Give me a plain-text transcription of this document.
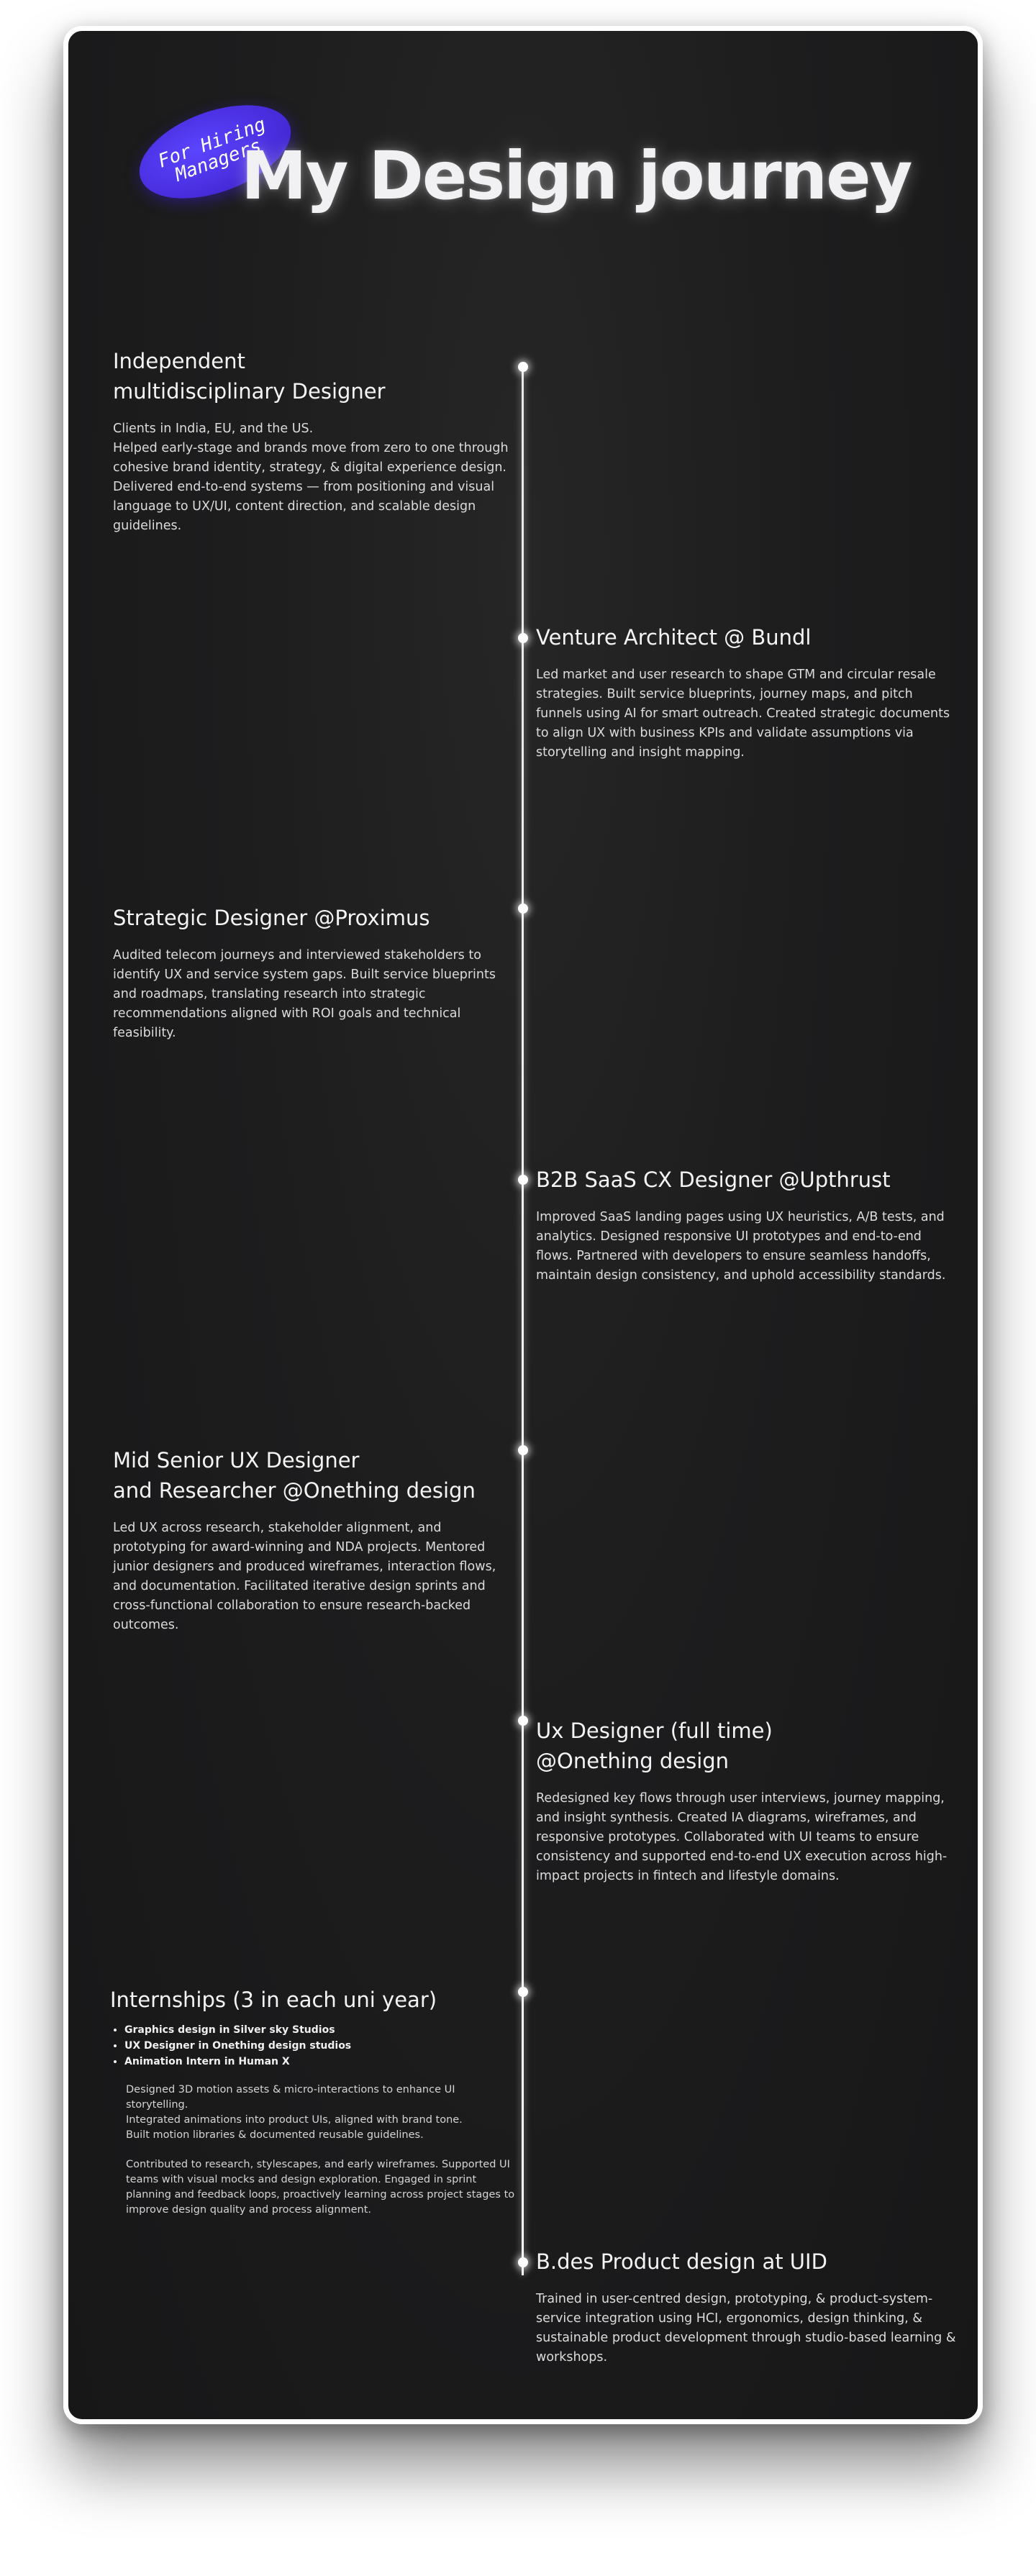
For Hiring Managers
My Design journey
Independent
multidisciplinary Designer

Clients in India, EU, and the US.
Helped early-stage and brands move from zero to one through cohesive brand identity, strategy, & digital experience design. Delivered end-to-end systems — from positioning and visual language to UX/UI, content direction, and scalable design guidelines.

Venture Architect @ Bundl

Led market and user research to shape GTM and circular resale strategies. Built service blueprints, journey maps, and pitch funnels using AI for smart outreach. Created strategic documents to align UX with business KPIs and validate assumptions via storytelling and insight mapping.

Strategic Designer @Proximus

Audited telecom journeys and interviewed stakeholders to identify UX and service system gaps. Built service blueprints and roadmaps, translating research into strategic recommendations aligned with ROI goals and technical feasibility.

B2B SaaS CX Designer @Upthrust

Improved SaaS landing pages using UX heuristics, A/B tests, and analytics. Designed responsive UI prototypes and end-to-end flows. Partnered with developers to ensure seamless handoffs, maintain design consistency, and uphold accessibility standards.

Mid Senior UX Designer
and Researcher @Onething design

Led UX across research, stakeholder alignment, and prototyping for award-winning and NDA projects. Mentored junior designers and produced wireframes, interaction flows, and documentation. Facilitated iterative design sprints and cross-functional collaboration to ensure research-backed outcomes.

Ux Designer (full time)
@Onething design

Redesigned key flows through user interviews, journey mapping, and insight synthesis. Created IA diagrams, wireframes, and responsive prototypes. Collaborated with UI teams to ensure consistency and supported end-to-end UX execution across high-impact projects in fintech and lifestyle domains.

Internships (3 in each uni year)
• Graphics design in Silver sky Studios
• UX Designer in Onething design studios
• Animation Intern in Human X

Designed 3D motion assets & micro-interactions to enhance UI storytelling.
Integrated animations into product UIs, aligned with brand tone.
Built motion libraries & documented reusable guidelines.

Contributed to research, stylescapes, and early wireframes. Supported UI teams with visual mocks and design exploration. Engaged in sprint planning and feedback loops, proactively learning across project stages to improve design quality and process alignment.

B.des Product design at UID

Trained in user-centred design, prototyping, & product-system-service integration using HCI, ergonomics, design thinking, & sustainable product development through studio-based learning & workshops.
